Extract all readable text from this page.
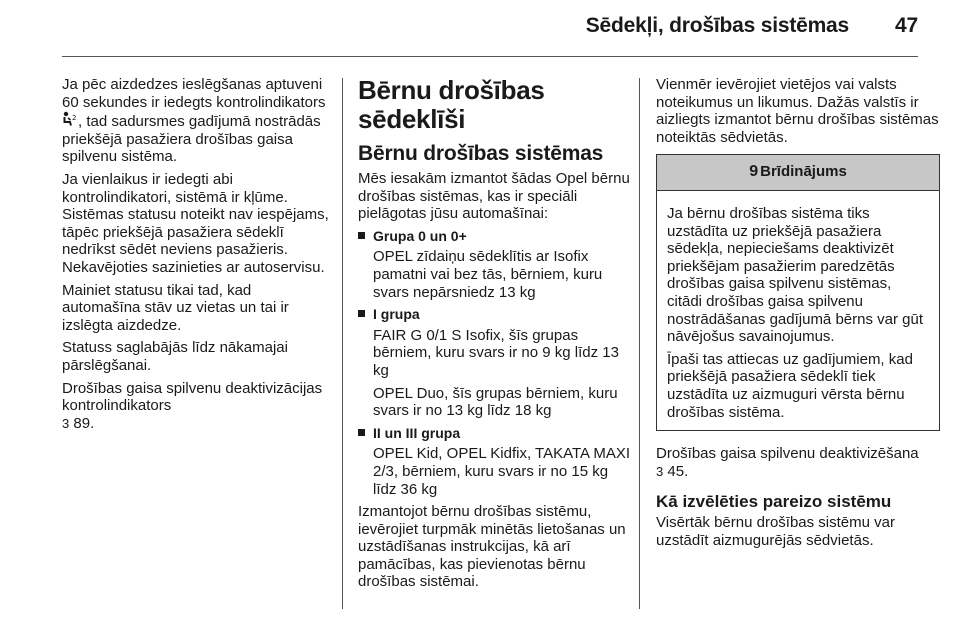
Sēdekļi, drošības sistēmas 47

Ja pēc aizdedzes ieslēgšanas aptuveni 60 sekundes ir iedegts kontrolindikators
2 , tad sadursmes gadījumā nostrādās priekšējā pasažiera drošības gaisa spilvenu sistēma.

Ja vienlaikus ir iedegti abi kontrolindikatori, sistēmā ir kļūme. Sistēmas statusu noteikt nav iespējams, tāpēc priekšējā pasažiera sēdeklī nedrīkst sēdēt neviens pasažieris. Nekavējoties sazinieties ar autoservisu.

Mainiet statusu tikai tad, kad automašīna stāv uz vietas un tai ir izslēgta aizdedze.

Statuss saglabājās līdz nākamajai pārslēgšanai.

Drošības gaisa spilvenu deaktivizācijas kontrolindikators
3 89.

Bērnu drošības sēdeklīši
Bērnu drošības sistēmas

Mēs iesakām izmantot šādas Opel bērnu drošības sistēmas, kas ir speciāli pielāgotas jūsu automašīnai:

Grupa 0 un 0+

OPEL zīdaiņu sēdeklītis ar Isofix pamatni vai bez tās, bērniem, kuru svars nepārsniedz 13 kg

I grupa

FAIR G 0/1 S Isofix, šīs grupas bērniem, kuru svars ir no 9 kg līdz 13 kg

OPEL Duo, šīs grupas bērniem, kuru svars ir no 13 kg līdz 18 kg

II un III grupa

OPEL Kid, OPEL Kidfix, TAKATA MAXI 2/3, bērniem, kuru svars ir no 15 kg līdz 36 kg

Izmantojot bērnu drošības sistēmu, ievērojiet turpmāk minētās lietošanas un uzstādīšanas instrukcijas, kā arī pamācības, kas pievienotas bērnu drošības sistēmai.

Vienmēr ievērojiet vietējos vai valsts noteikumus un likumus. Dažās valstīs ir aizliegts izmantot bērnu drošības sistēmas noteiktās sēdvietās.

9 Brīdinājums

Ja bērnu drošības sistēma tiks uzstādīta uz priekšējā pasažiera sēdekļa, nepieciešams deaktivizēt priekšējam pasažierim paredzētās drošības gaisa spilvenu sistēmas, citādi drošības gaisa spilvenu nostrādāšanas gadījumā bērns var gūt nāvējošus savainojumus.

Īpaši tas attiecas uz gadījumiem, kad priekšējā pasažiera sēdeklī tiek uzstādīta uz aizmuguri vērsta bērnu drošības sistēma.

Drošības gaisa spilvenu deaktivizēšana
3 45.

Kā izvēlēties pareizo sistēmu

Visērtāk bērnu drošības sistēmu var uzstādīt aizmugurējās sēdvietās.
